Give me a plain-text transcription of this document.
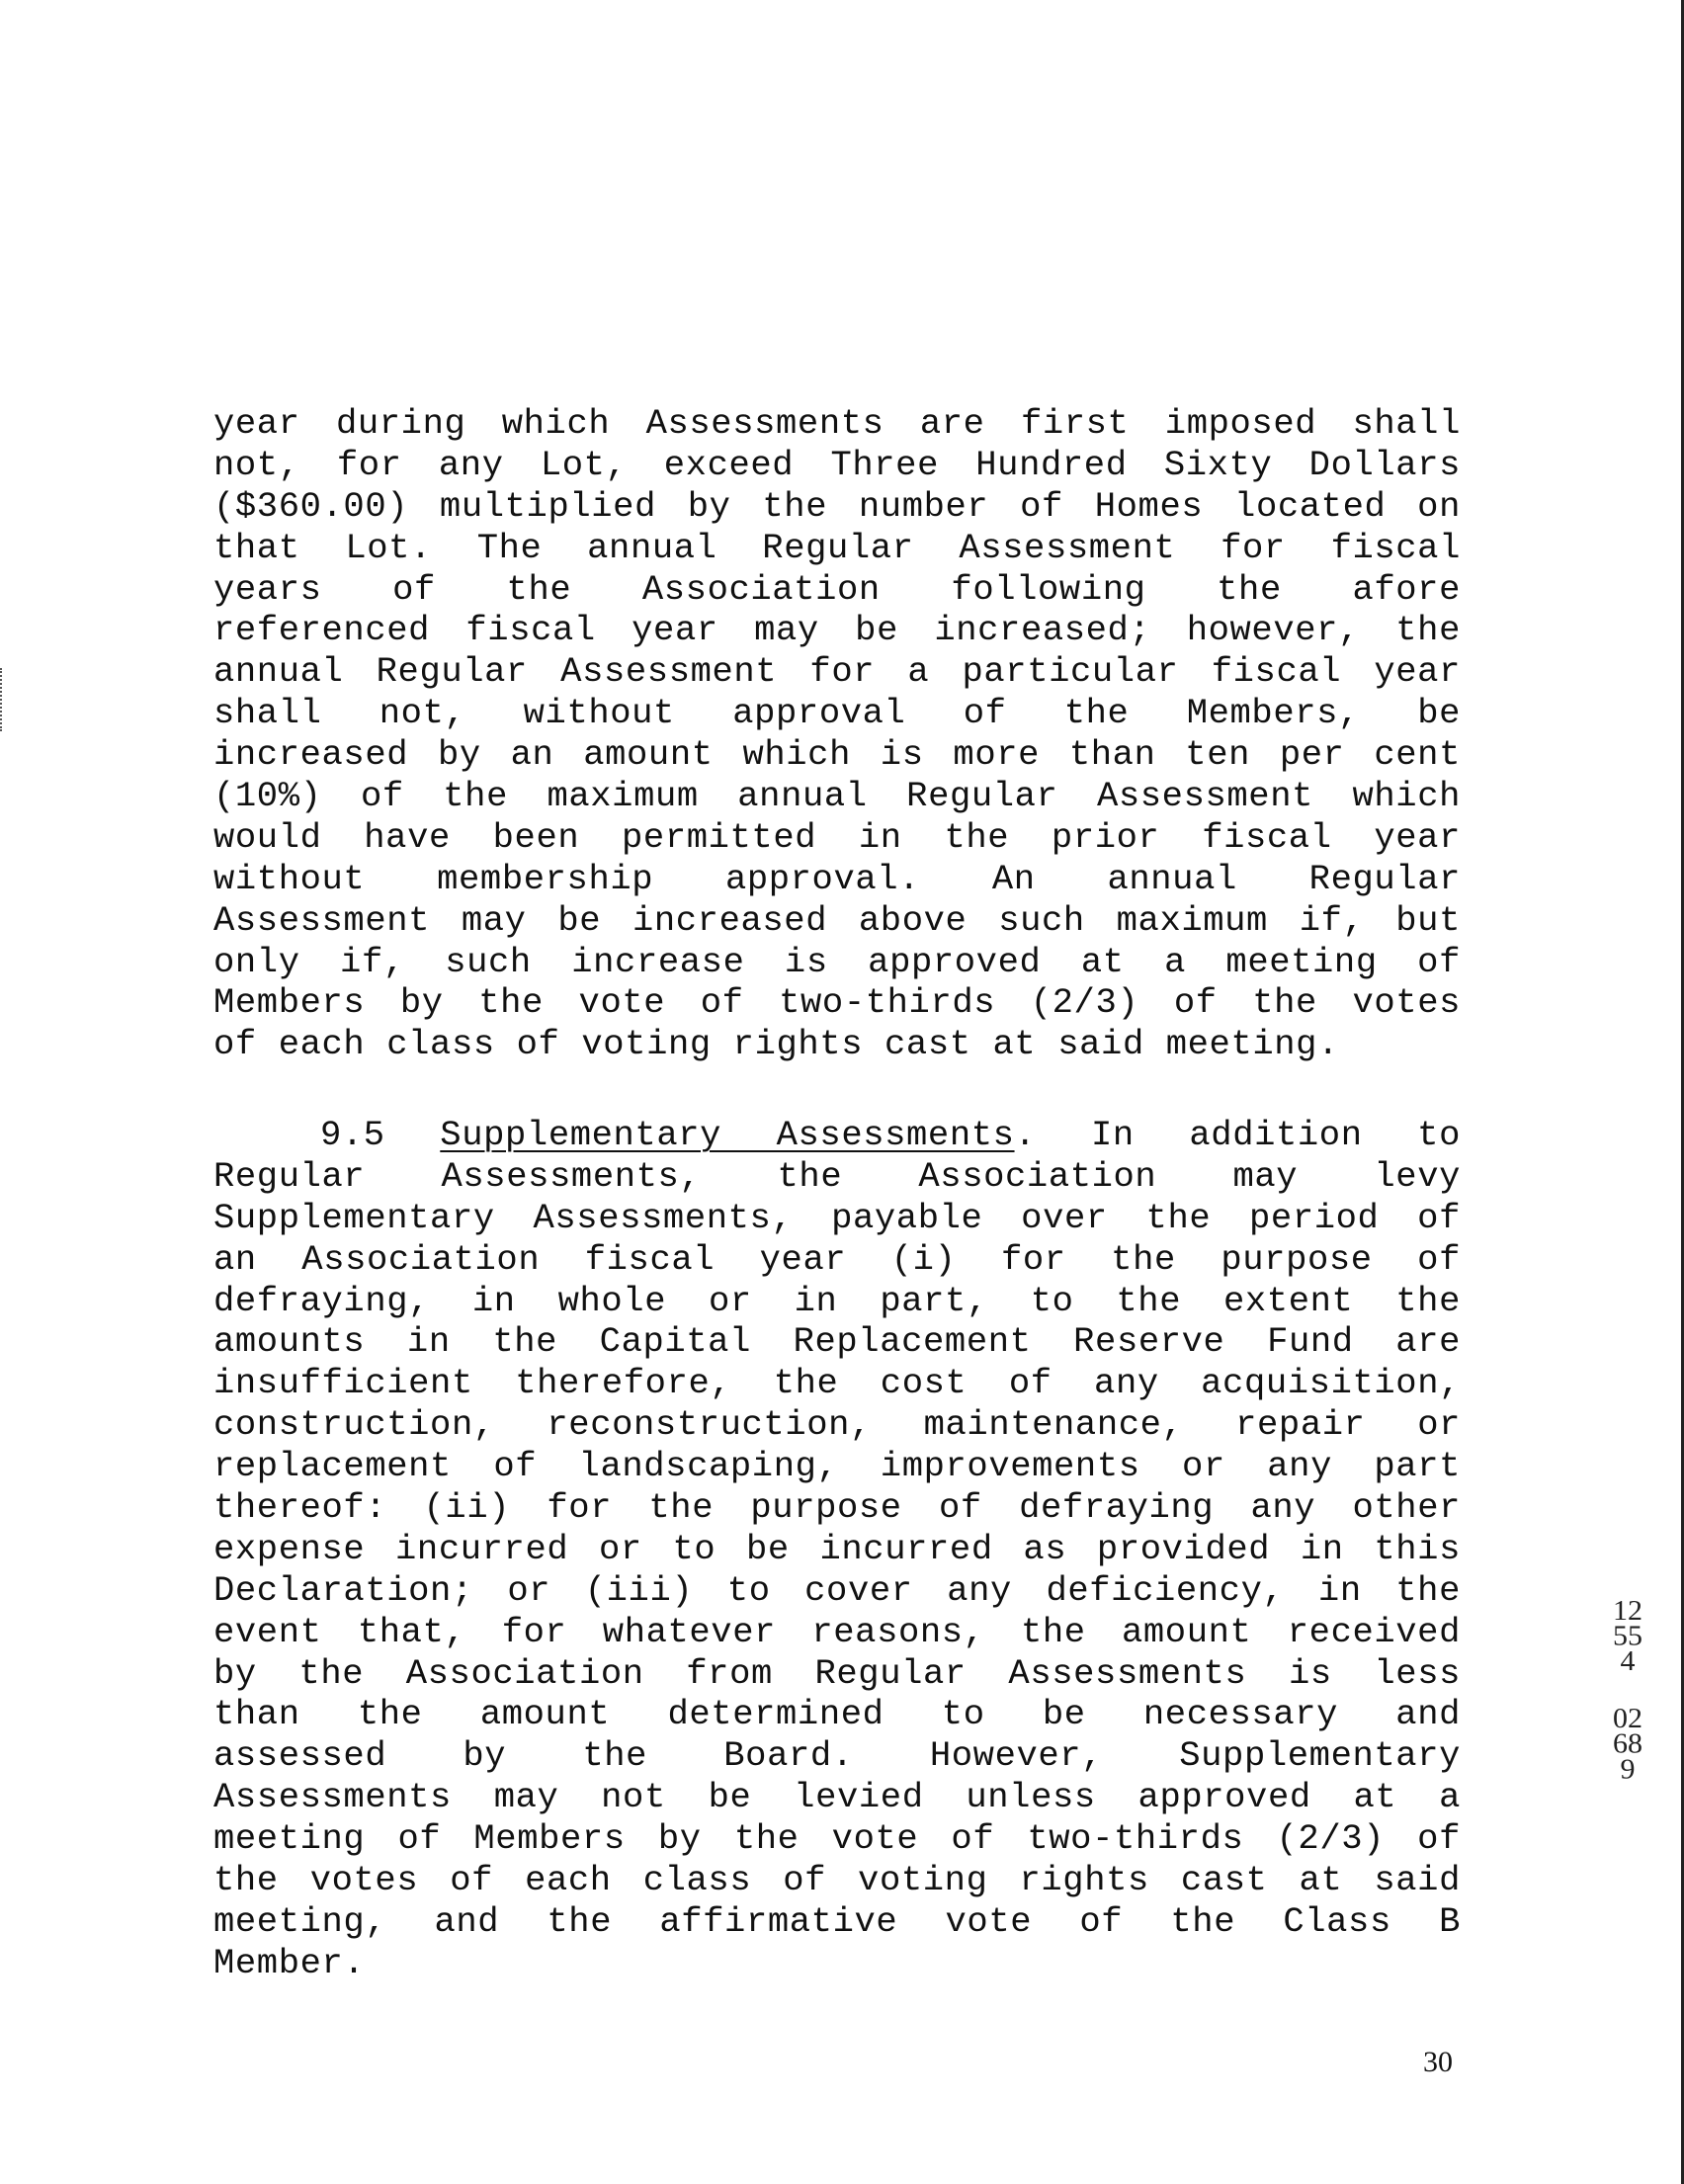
year during which Assessments are first imposed shall
not, for any Lot, exceed Three Hundred Sixty Dollars
($360.00) multiplied by the number of Homes located on
that Lot. The annual Regular Assessment for fiscal
years of the Association following the afore
referenced fiscal year may be increased; however, the
annual Regular Assessment for a particular fiscal year
shall not, without approval of the Members, be
increased by an amount which is more than ten per cent
(10%) of the maximum annual Regular Assessment which
would have been permitted in the prior fiscal year
without membership approval. An annual Regular
Assessment may be increased above such maximum if, but
only if, such increase is approved at a meeting of
Members by the vote of two-thirds (2/3) of the votes
of each class of voting rights cast at said meeting.
9.5 Supplementary Assessments. In addition to
Regular Assessments, the Association may levy
Supplementary Assessments, payable over the period of
an Association fiscal year (i) for the purpose of
defraying, in whole or in part, to the extent the
amounts in the Capital Replacement Reserve Fund are
insufficient therefore, the cost of any acquisition,
construction, reconstruction, maintenance, repair or
replacement of landscaping, improvements or any part
thereof: (ii) for the purpose of defraying any other
expense incurred or to be incurred as provided in this
Declaration; or (iii) to cover any deficiency, in the
event that, for whatever reasons, the amount received
by the Association from Regular Assessments is less
than the amount determined to be necessary and
assessed by the Board. However, Supplementary
Assessments may not be levied unless approved at a
meeting of Members by the vote of two-thirds (2/3) of
the votes of each class of voting rights cast at said
meeting, and the affirmative vote of the Class B
Member.
30
12554
02689
